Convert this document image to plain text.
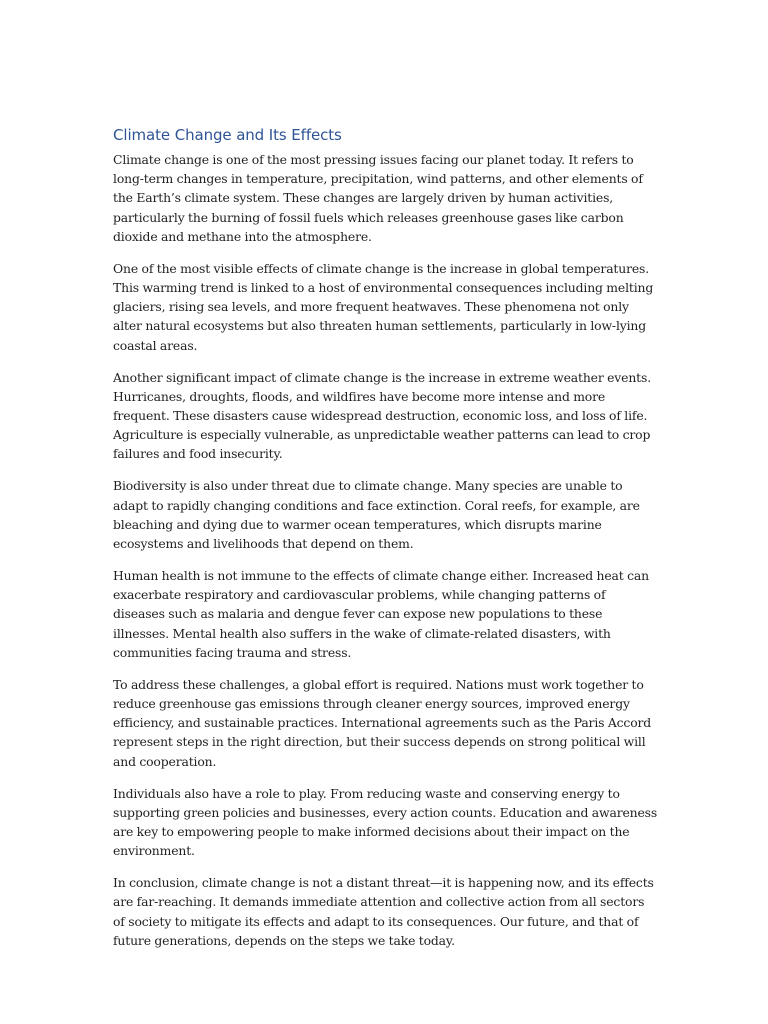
Climate Change and Its Effects

Climate change is one of the most pressing issues facing our planet today. It refers to long-term changes in temperature, precipitation, wind patterns, and other elements of the Earth’s climate system. These changes are largely driven by human activities, particularly the burning of fossil fuels which releases greenhouse gases like carbon dioxide and methane into the atmosphere.

One of the most visible effects of climate change is the increase in global temperatures. This warming trend is linked to a host of environmental consequences including melting glaciers, rising sea levels, and more frequent heatwaves. These phenomena not only alter natural ecosystems but also threaten human settlements, particularly in low-lying coastal areas.

Another significant impact of climate change is the increase in extreme weather events. Hurricanes, droughts, floods, and wildfires have become more intense and more frequent. These disasters cause widespread destruction, economic loss, and loss of life. Agriculture is especially vulnerable, as unpredictable weather patterns can lead to crop failures and food insecurity.

Biodiversity is also under threat due to climate change. Many species are unable to adapt to rapidly changing conditions and face extinction. Coral reefs, for example, are bleaching and dying due to warmer ocean temperatures, which disrupts marine ecosystems and livelihoods that depend on them.

Human health is not immune to the effects of climate change either. Increased heat can exacerbate respiratory and cardiovascular problems, while changing patterns of diseases such as malaria and dengue fever can expose new populations to these illnesses. Mental health also suffers in the wake of climate-related disasters, with communities facing trauma and stress.

To address these challenges, a global effort is required. Nations must work together to reduce greenhouse gas emissions through cleaner energy sources, improved energy efficiency, and sustainable practices. International agreements such as the Paris Accord represent steps in the right direction, but their success depends on strong political will and cooperation.

Individuals also have a role to play. From reducing waste and conserving energy to supporting green policies and businesses, every action counts. Education and awareness are key to empowering people to make informed decisions about their impact on the environment.

In conclusion, climate change is not a distant threat—it is happening now, and its effects are far-reaching. It demands immediate attention and collective action from all sectors of society to mitigate its effects and adapt to its consequences. Our future, and that of future generations, depends on the steps we take today.
